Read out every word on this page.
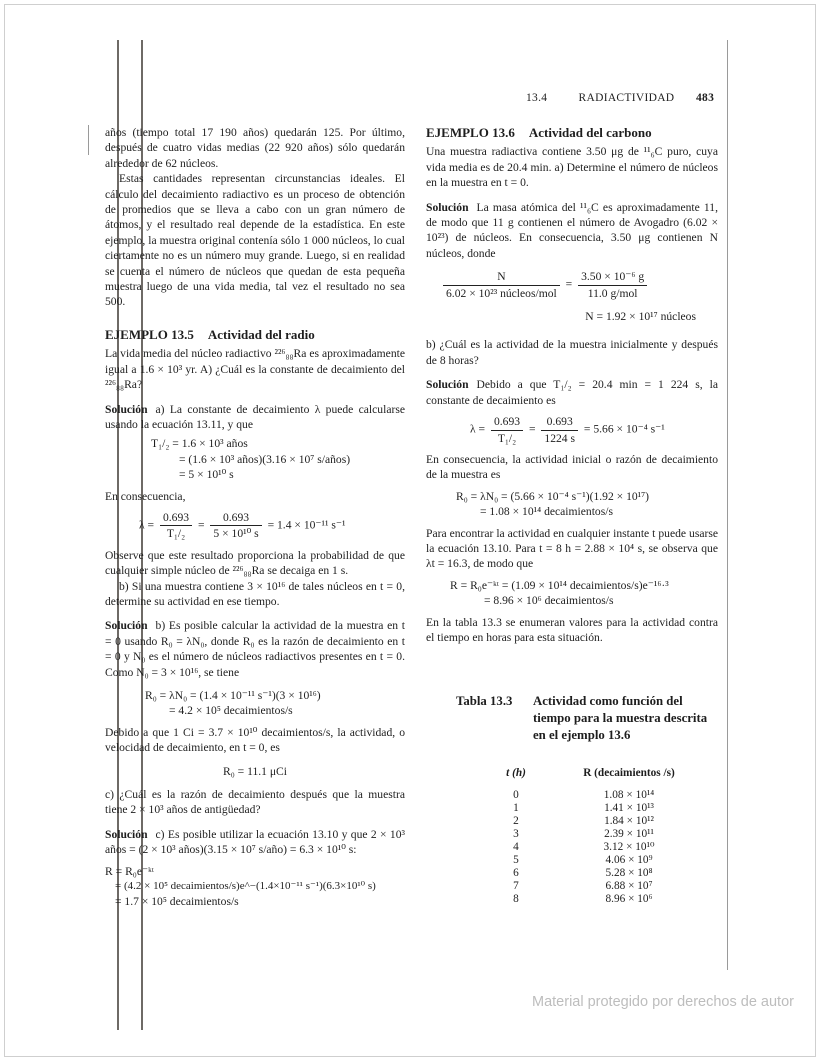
13.4	RADIACTIVIDAD 483

años (tiempo total 17 190 años) quedarán 125. Por último, después de cuatro vidas medias (22 920 años) sólo quedarán alrededor de 62 núcleos.

Estas cantidades representan circunstancias ideales. El cálculo del decaimiento radiactivo es un proceso de obtención de promedios que se lleva a cabo con un gran número de átomos, y el resultado real depende de la estadística. En este ejemplo, la muestra original contenía sólo 1 000 núcleos, lo cual ciertamente no es un número muy grande. Luego, si en realidad se cuenta el número de núcleos que quedan de esta pequeña muestra luego de una vida media, tal vez el resultado no sea 500.

EJEMPLO 13.5 Actividad del radio

La vida media del núcleo radiactivo ²²⁶₈₈Ra es aproximadamente igual a 1.6 × 10³ yr. A) ¿Cuál es la constante de decaimiento del ²²⁶₈₈Ra?

Solución a) La constante de decaimiento λ puede calcularse usando la ecuación 13.11, y que

T₁/₂ = 1.6 × 10³ años
= (1.6 × 10³ años)(3.16 × 10⁷ s/años)
= 5 × 10¹⁰ s

En consecuencia,

$\lambda = \frac{0.693}{\text{T₁/₂}} = \frac{0.693}{\text{5 × 10¹⁰ s}} = 1.4 \times 10^{-11}$ s⁻¹

Observe que este resultado proporciona la probabilidad de que cualquier simple núcleo de ²²⁶₈₈Ra se decaiga en 1 s.

b) Si una muestra contiene 3 × 10¹⁶ de tales núcleos en t = 0, determine su actividad en ese tiempo.

Solución b) Es posible calcular la actividad de la muestra en t = 0 usando R₀ = λN₀, donde R₀ es la razón de decaimiento en t = 0 y N₀ es el número de núcleos radiactivos presentes en t = 0. Como N₀ = 3 × 10¹⁶, se tiene

R₀ = λN₀ = (1.4 × 10⁻¹¹ s⁻¹)(3 × 10¹⁶)
= 4.2 × 10⁵ decaimientos/s

Debido a que 1 Ci = 3.7 × 10¹⁰ decaimientos/s, la actividad, o velocidad de decaimiento, en t = 0, es

R₀ = 11.1 μCi

c) ¿Cuál es la razón de decaimiento después que la muestra tiene 2 × 10³ años de antigüedad?

Solución c) Es posible utilizar la ecuación 13.10 y que 2 × 10³ años = (2 × 10³ años)(3.15 × 10⁷ s/año) = 6.3 × 10¹⁰ s:

R = R₀e⁻ᵏᵗ
= (4.2 × 10⁵ decaimientos/s)e^−(1.4×10⁻¹¹ s⁻¹)(6.3×10¹⁰ s)
= 1.7 × 10⁵ decaimientos/s
EJEMPLO 13.6 Actividad del carbono

Una muestra radiactiva contiene 3.50 μg de ¹¹₆C puro, cuya vida media es de 20.4 min. a) Determine el número de núcleos en la muestra en t = 0.

Solución La masa atómica del ¹¹₆C es aproximadamente 11, de modo que 11 g contienen el número de Avogadro (6.02 × 10²³) de núcleos. En consecuencia, 3.50 μg contienen N núcleos, donde

$\frac{N}{\text{6.02 × 10²³ núcleos/mol}} = \frac{\text{3.50 × 10⁻⁶ g}}{\text{11.0 g/mol}}$
N = 1.92 × 10¹⁷ núcleos

b) ¿Cuál es la actividad de la muestra inicialmente y después de 8 horas?

Solución Debido a que T₁/₂ = 20.4 min = 1 224 s, la constante de decaimiento es

$\lambda = \frac{0.693}{\text{T₁/₂}} = \frac{0.693}{1224 s} = 5.66 \times 10^{-4}$ s⁻¹

En consecuencia, la actividad inicial o razón de decaimiento de la muestra es

R₀ = λN₀ = (5.66 × 10⁻⁴ s⁻¹)(1.92 × 10¹⁷)
= 1.08 × 10¹⁴ decaimientos/s

Para encontrar la actividad en cualquier instante t puede usarse la ecuación 13.10. Para t = 8 h = 2.88 × 10⁴ s, se observa que λt = 16.3, de modo que

R = R₀e⁻ᵏᵗ = (1.09 × 10¹⁴ decaimientos/s)e⁻¹⁶·³
= 8.96 × 10⁶ decaimientos/s

En la tabla 13.3 se enumeran valores para la actividad contra el tiempo en horas para esta situación.

Tabla 13.3	Actividad como función del tiempo para la muestra descrita en el ejemplo 13.6
t (h)	R (decaimientos /s)
0	1.08 × 10¹⁴
1	1.41 × 10¹³
2	1.84 × 10¹²
3	2.39 × 10¹¹
4	3.12 × 10¹⁰
5	4.06 × 10⁹
6	5.28 × 10⁸
7	6.88 × 10⁷
8	8.96 × 10⁶
Material protegido por derechos de autor
